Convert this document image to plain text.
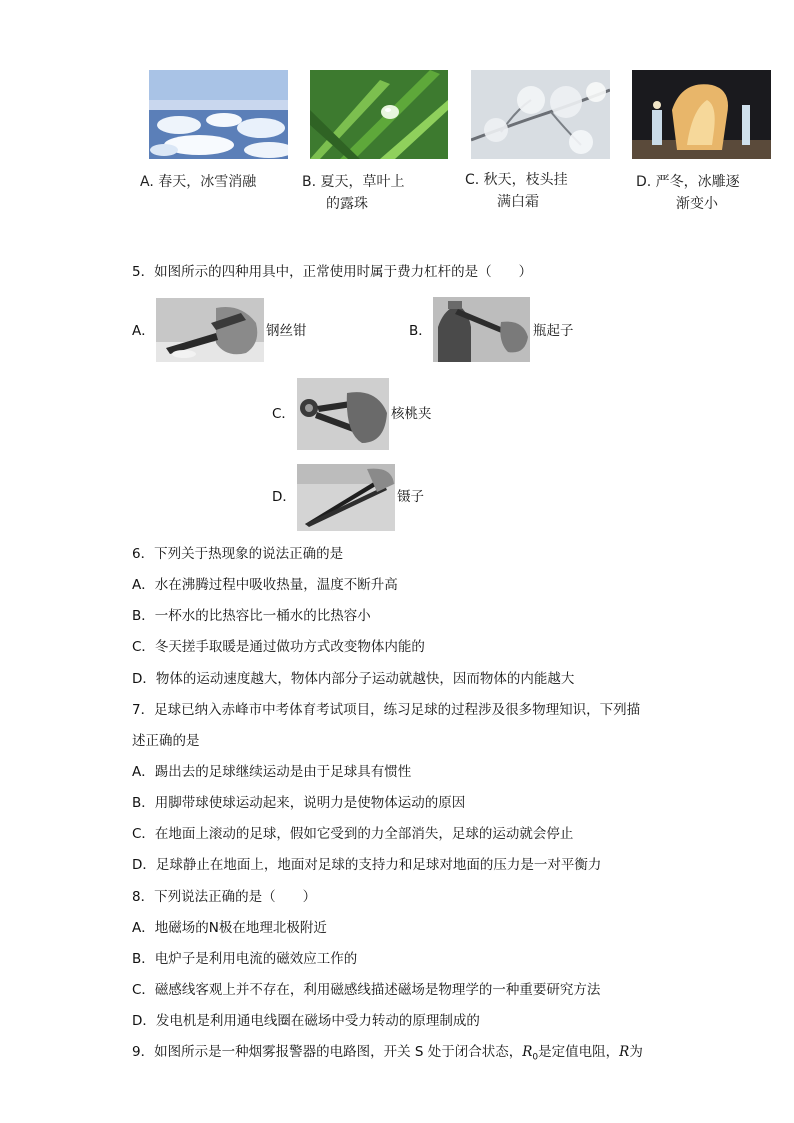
A. 春天，冰雪消融	B. 夏天，草叶上
的露珠
C. 秋天，枝头挂
满白霜
D. 严冬，冰雕逐
渐变小
5．如图所示的四种用具中，正常使用时属于费力杠杆的是（　　）
A．	钢丝钳	B．	瓶起子
C．	核桃夹
D．	镊子
6．下列关于热现象的说法正确的是
A．水在沸腾过程中吸收热量，温度不断升高
B．一杯水的比热容比一桶水的比热容小
C．冬天搓手取暖是通过做功方式改变物体内能的
D．物体的运动速度越大，物体内部分子运动就越快，因而物体的内能越大
7．足球已纳入赤峰市中考体育考试项目，练习足球的过程涉及很多物理知识，下列描
述正确的是
A．踢出去的足球继续运动是由于足球具有惯性
B．用脚带球使球运动起来，说明力是使物体运动的原因
C．在地面上滚动的足球，假如它受到的力全部消失，足球的运动就会停止
D．足球静止在地面上，地面对足球的支持力和足球对地面的压力是一对平衡力
8．下列说法正确的是（　　）
A．地磁场的N极在地理北极附近
B．电炉子是利用电流的磁效应工作的
C．磁感线客观上并不存在，利用磁感线描述磁场是物理学的一种重要研究方法
D．发电机是利用通电线圈在磁场中受力转动的原理制成的
9．如图所示是一种烟雾报警器的电路图，开关 S 处于闭合状态，$R_0$是定值电阻，R为
